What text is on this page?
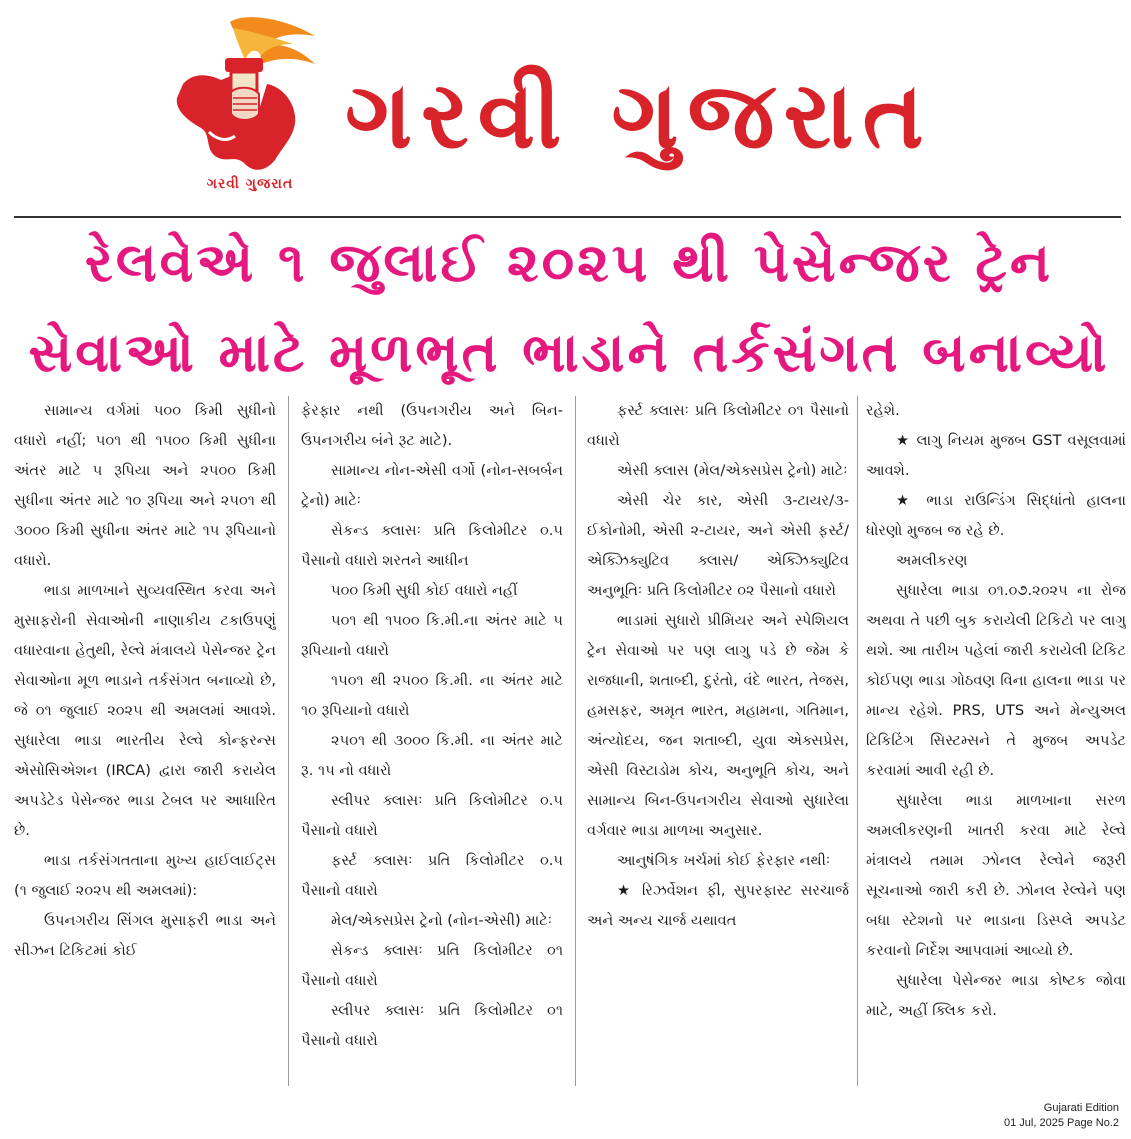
ગરવી ગુજરાત
ગરવી ગુજરાત
રેલવેએ ૧ જુલાઈ ૨૦૨૫ થી પેસેન્જર ટ્રેન
સેવાઓ માટે મૂળભૂત ભાડાને તર્કસંગત બનાવ્યો

સામાન્ય વર્ગમાં ૫૦૦ કિમી સુધીનો વધારો નહીં; ૫૦૧ થી ૧૫૦૦ કિમી સુધીના અંતર માટે ૫ રૂપિયા અને ૨૫૦૦ કિમી સુધીના અંતર માટે ૧૦ રૂપિયા અને ૨૫૦૧ થી ૩૦૦૦ કિમી સુધીના અંતર માટે ૧૫ રૂપિયાનો વધારો.

ભાડા માળખાને સુવ્યવસ્થિત કરવા અને મુસાફરોની સેવાઓની નાણાકીય ટકાઉપણું વધારવાના હેતુથી, રેલ્વે મંત્રાલયે પેસેન્જર ટ્રેન સેવાઓના મૂળ ભાડાને તર્કસંગત બનાવ્યો છે, જે ૦૧ જુલાઈ ૨૦૨૫ થી અમલમાં આવશે. સુધારેલા ભાડા ભારતીય રેલ્વે કોન્ફરન્સ એસોસિએશન (IRCA) દ્વારા જારી કરાયેલ અપડેટેડ પેસેન્જર ભાડા ટેબલ પર આધારિત છે.

ભાડા તર્કસંગતતાના મુખ્ય હાઈલાઈટ્સ (૧ જુલાઈ ૨૦૨૫ થી અમલમાં):

ઉપનગરીય સિંગલ મુસાફરી ભાડા અને સીઝન ટિકિટમાં કોઈ

ફેરફાર નથી (ઉપનગરીય અને બિન-ઉપનગરીય બંને રૂટ માટે).

સામાન્ય નોન-એસી વર્ગો (નોન-સબર્બન ટ્રેનો) માટેઃ

સેકન્ડ ક્લાસઃ પ્રતિ કિલોમીટર ૦.૫ પૈસાનો વધારો શરતને આધીન

૫૦૦ કિમી સુધી કોઈ વધારો નહીં

૫૦૧ થી ૧૫૦૦ કિ.મી.ના અંતર માટે ૫ રૂપિયાનો વધારો

૧૫૦૧ થી ૨૫૦૦ કિ.મી. ના અંતર માટે ૧૦ રૂપિયાનો વધારો

૨૫૦૧ થી ૩૦૦૦ કિ.મી. ના અંતર માટે રૂ. ૧૫ નો વધારો

સ્લીપર ક્લાસઃ પ્રતિ કિલોમીટર ૦.૫ પૈસાનો વધારો

ફર્સ્ટ ક્લાસઃ પ્રતિ કિલોમીટર ૦.૫ પૈસાનો વધારો

મેલ/એક્સપ્રેસ ટ્રેનો (નોન-એસી) માટેઃ

સેકન્ડ ક્લાસઃ પ્રતિ કિલોમીટર ૦૧ પૈસાનો વધારો

સ્લીપર ક્લાસઃ પ્રતિ કિલોમીટર ૦૧ પૈસાનો વધારો

ફર્સ્ટ ક્લાસઃ પ્રતિ કિલોમીટર ૦૧ પૈસાનો વધારો

એસી ક્લાસ (મેલ/એક્સપ્રેસ ટ્રેનો) માટેઃ

એસી ચેર કાર, એસી ૩-ટાયર/૩-ઈકોનોમી, એસી ૨-ટાયર, અને એસી ફર્સ્ટ/એક્ઝિક્યુટિવ ક્લાસ/ એક્ઝિક્યુટિવ અનુભૂતિઃ પ્રતિ કિલોમીટર ૦૨ પૈસાનો વધારો

ભાડામાં સુધારો પ્રીમિયર અને સ્પેશિયલ ટ્રેન સેવાઓ પર પણ લાગુ પડે છે જેમ કે રાજધાની, શતાબ્દી, દુરંતો, વંદે ભારત, તેજસ, હમસફર, અમૃત ભારત, મહામના, ગતિમાન, અંત્યોદય, જન શતાબ્દી, યુવા એક્સપ્રેસ, એસી વિસ્ટાડોમ કોચ, અનુભૂતિ કોચ, અને સામાન્ય બિન-ઉપનગરીય સેવાઓ સુધારેલા વર્ગવાર ભાડા માળખા અનુસાર.

આનુષંગિક ખર્ચમાં કોઈ ફેરફાર નથીઃ

★ રિઝર્વેશન ફી, સુપરફાસ્ટ સરચાર્જ અને અન્ય ચાર્જ યથાવત

રહેશે.

★ લાગુ નિયમ મુજબ GST વસૂલવામાં આવશે.

★ ભાડા રાઉન્ડિંગ સિદ્ધાંતો હાલના ધોરણો મુજબ જ રહે છે.

અમલીકરણ

સુધારેલા ભાડા ૦૧.૦૭.૨૦૨૫ ના રોજ અથવા તે પછી બુક કરાયેલી ટિકિટો પર લાગુ થશે. આ તારીખ પહેલાં જારી કરાયેલી ટિકિટ કોઈપણ ભાડા ગોઠવણ વિના હાલના ભાડા પર માન્ય રહેશે. PRS, UTS અને મેન્યુઅલ ટિકિટિંગ સિસ્ટમ્સને તે મુજબ અપડેટ કરવામાં આવી રહી છે.

સુધારેલા ભાડા માળખાના સરળ અમલીકરણની ખાતરી કરવા માટે રેલ્વે મંત્રાલયે તમામ ઝોનલ રેલ્વેને જરૂરી સૂચનાઓ જારી કરી છે. ઝોનલ રેલ્વેને પણ બધા સ્ટેશનો પર ભાડાના ડિસ્પ્લે અપડેટ કરવાનો નિર્દેશ આપવામાં આવ્યો છે.

સુધારેલા પેસેન્જર ભાડા કોષ્ટક જોવા માટે, અહીં ક્લિક કરો.

Gujarati Edition
01 Jul, 2025 Page No.2
